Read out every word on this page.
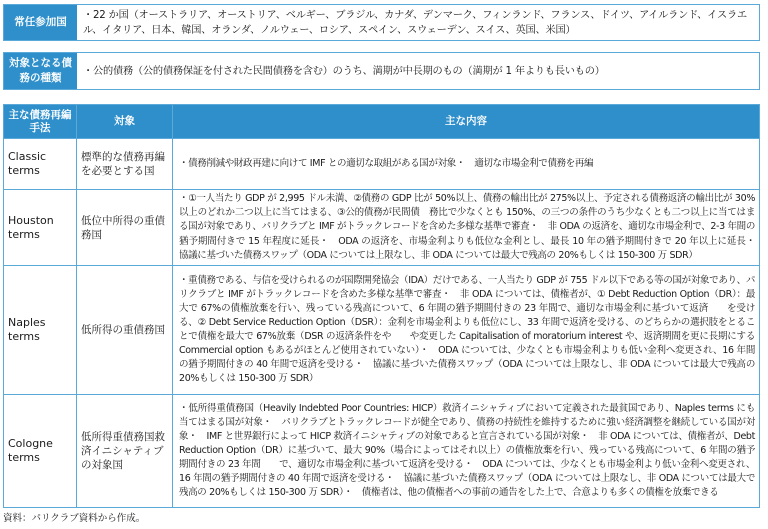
常任参加国
・22 か国（オーストラリア、オーストリア、ベルギー、ブラジル、カナダ、デンマーク、フィンランド、フランス、ドイツ、アイルランド、イスラエル、イタリア、日本、韓国、オランダ、ノルウェー、ロシア、スペイン、スウェーデン、スイス、英国、米国）
対象となる債務の種類
・公的債務（公的債務保証を付された民間債務を含む）のうち、満期が中長期のもの（満期が 1 年よりも長いもの）
主な債務再編手法	対象	主な内容
Classic terms	標準的な債務再編を必要とする国	・債務削減や財政再建に向けて IMF との適切な取組がある国が対象・　適切な市場金利で債務を再編
Houston terms	低位中所得の重債務国	・①一人当たり GDP が 2,995 ドル未満、②債務の GDP 比が 50%以上、債務の輸出比が 275%以上、予定される債務返済の輸出比が 30%以上のどれか二つ以上に当てはまる、③公的債務が民間債　務比で少なくとも 150%、の三つの条件のうち少なくとも二つ以上に当てはまる国が対象であり、パリクラブと IMF がトラックレコードを含めた多様な基準で審査・　非 ODA の返済を、適切な市場金利で、2-3 年間の猶予期間付きで 15 年程度に延長・　ODA の返済を、市場金利よりも低位な金利とし、最長 10 年の猶予期間付きで 20 年以上に延長・　協議に基づいた債務スワップ（ODA については上限なし、非 ODA については最大で残高の 20%もしくは 150-300 万 SDR）
Naples terms	低所得の重債務国	・重債務である、与信を受けられるのが国際開発協会（IDA）だけである、一人当たり GDP が 755 ドル以下である等の国が対象であり、パリクラブと IMF がトラックレコードを含めた多様な基準で審査・　非 ODA については、債権者が、① Debt Reduction Option（DR）：最大で 67%の債権放棄を行い、残っている残高について、6 年間の猶予期間付きの 23 年間で、適切な市場金利に基づいて返済　　を受ける、② Debt Service Reduction Option（DSR）：金利を市場金利よりも低位にし、33 年間で返済を受ける、のどちらかの選択肢をとることで債権を最大で 67%放棄（DSR の返済条件をや　　や変更した Capitalisation of moratorium interest や、返済期間を更に長期にする Commercial option もあるがほとんど使用されていない）・　ODA については、少なくとも市場金利よりも低い金利へ変更され、16 年間の猶予期間付きの 40 年間で返済を受ける・　協議に基づいた債務スワップ（ODA については上限なし、非 ODA については最大で残高の 20%もしくは 150-300 万 SDR）
Cologne terms	低所得重債務国救済イニシャティブの対象国	・低所得重債務国（Heavily Indebted Poor Countries: HICP）救済イニシャティブにおいて定義された最貧国であり、Naples terms にも当てはまる国が対象・　パリクラブとトラックレコードが健全であり、債務の持続性を維持するために強い経済調整を継続している国が対象・　IMF と世界銀行によって HICP 救済イニシャティブの対象であると宣言されている国が対象・　非 ODA については、債権者が、Debt Reduction Option（DR）に基づいて、最大 90%（場合によってはそれ以上）の債権放棄を行い、残っている残高について、6 年間の猶予期間付きの 23 年間　　で、適切な市場金利に基づいて返済を受ける・　ODA については、少なくとも市場金利より低い金利へ変更され、16 年間の猶予期間付きの 40 年間で返済を受ける・　協議に基づいた債務スワップ（ODA については上限なし、非 ODA については最大で残高の 20%もしくは 150-300 万 SDR）・　債権者は、他の債権者への事前の通告をした上で、合意よりも多くの債権を放棄できる
資料：パリクラブ資料から作成。
